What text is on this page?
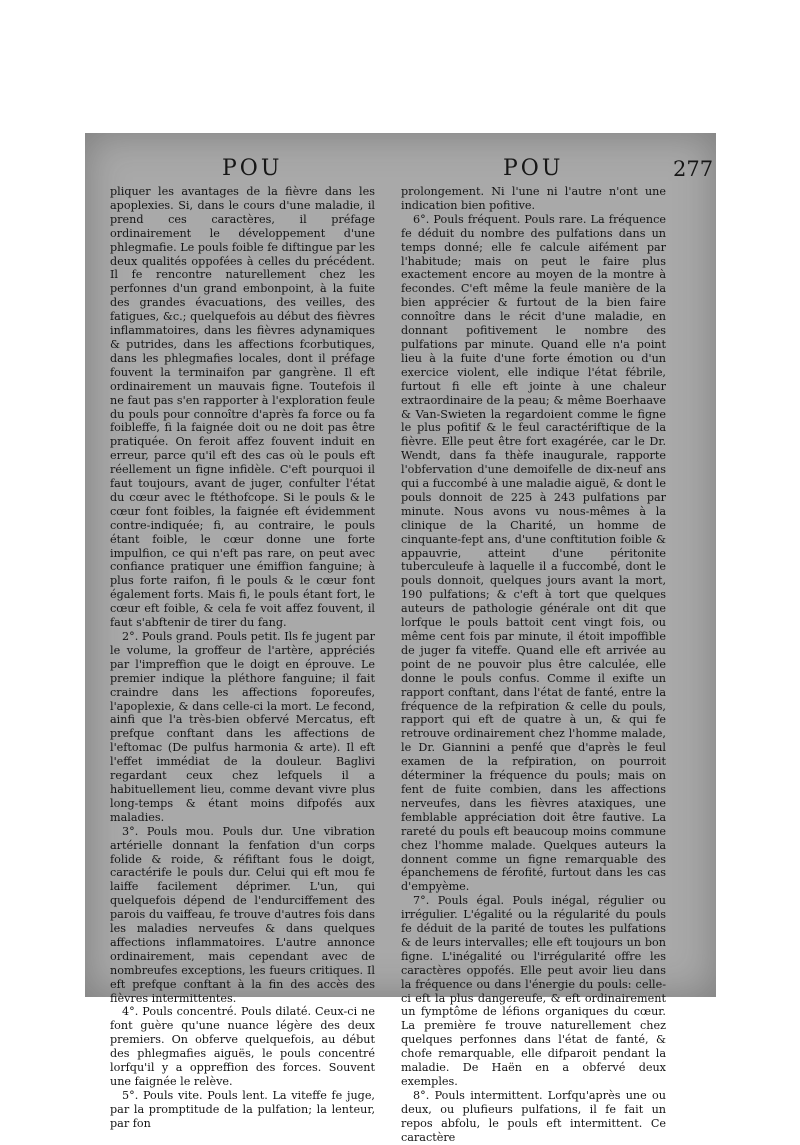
POU	POU	277

pliquer les avantages de la fièvre dans les apoplexies. Si, dans le cours d'une maladie, il prend ces caractères, il préfage ordinairement le développement d'une phlegmafie. Le pouls foible fe diftingue par les deux qualités oppofées à celles du précédent. Il fe rencontre naturellement chez les perfonnes d'un grand embonpoint, à la fuite des grandes évacuations, des veilles, des fatigues, &c.; quelquefois au début des fièvres inflammatoires, dans les fièvres adynamiques & putrides, dans les affections fcorbutiques, dans les phlegmafies locales, dont il préfage fouvent la terminaifon par gangrène. Il eft ordinairement un mauvais figne. Toutefois il ne faut pas s'en rapporter à l'exploration feule du pouls pour connoître d'après fa force ou fa foibleffe, fi la faignée doit ou ne doit pas être pratiquée. On feroit affez fouvent induit en erreur, parce qu'il eft des cas où le pouls eft réellement un figne infidèle. C'eft pourquoi il faut toujours, avant de juger, confulter l'état du cœur avec le ftéthofcope. Si le pouls & le cœur font foibles, la faignée eft évidemment contre-indiquée; fi, au contraire, le pouls étant foible, le cœur donne une forte impulfion, ce qui n'eft pas rare, on peut avec confiance pratiquer une émiffion fanguine; à plus forte raifon, fi le pouls & le cœur font également forts. Mais fi, le pouls étant fort, le cœur eft foible, & cela fe voit affez fouvent, il faut s'abftenir de tirer du fang.

2°. Pouls grand. Pouls petit. Ils fe jugent par le volume, la groffeur de l'artère, appréciés par l'impreffion que le doigt en éprouve. Le premier indique la pléthore fanguine; il fait craindre dans les affections foporeufes, l'apoplexie, & dans celle-ci la mort. Le fecond, ainfi que l'a très-bien obfervé Mercatus, eft prefque conftant dans les affections de l'eftomac (De pulfus harmonia & arte). Il eft l'effet immédiat de la douleur. Baglivi regardant ceux chez lefquels il a habituellement lieu, comme devant vivre plus long-temps & étant moins difpofés aux maladies.

3°. Pouls mou. Pouls dur. Une vibration artérielle donnant la fenfation d'un corps folide & roide, & réfiftant fous le doigt, caractérife le pouls dur. Celui qui eft mou fe laiffe facilement déprimer. L'un, qui quelquefois dépend de l'endurciffement des parois du vaiffeau, fe trouve d'autres fois dans les maladies nerveufes & dans quelques affections inflammatoires. L'autre annonce ordinairement, mais cependant avec de nombreufes exceptions, les fueurs critiques. Il eft prefque conftant à la fin des accès des fièvres intermittentes.

4°. Pouls concentré. Pouls dilaté. Ceux-ci ne font guère qu'une nuance légère des deux premiers. On obferve quelquefois, au début des phlegmafies aiguës, le pouls concentré lorfqu'il y a oppreffion des forces. Souvent une faignée le relève.

5°. Pouls vite. Pouls lent. La viteffe fe juge, par la promptitude de la pulfation; la lenteur, par fon

prolongement. Ni l'une ni l'autre n'ont une indication bien pofitive.

6°. Pouls fréquent. Pouls rare. La fréquence fe déduit du nombre des pulfations dans un temps donné; elle fe calcule aifément par l'habitude; mais on peut le faire plus exactement encore au moyen de la montre à fecondes. C'eft même la feule manière de la bien apprécier & furtout de la bien faire connoître dans le récit d'une maladie, en donnant pofitivement le nombre des pulfations par minute. Quand elle n'a point lieu à la fuite d'une forte émotion ou d'un exercice violent, elle indique l'état fébrile, furtout fi elle eft jointe à une chaleur extraordinaire de la peau; & même Boerhaave & Van-Swieten la regardoient comme le figne le plus pofitif & le feul caractériftique de la fièvre. Elle peut être fort exagérée, car le Dr. Wendt, dans fa thèfe inaugurale, rapporte l'obfervation d'une demoifelle de dix-neuf ans qui a fuccombé à une maladie aiguë, & dont le pouls donnoit de 225 à 243 pulfations par minute. Nous avons vu nous-mêmes à la clinique de la Charité, un homme de cinquante-fept ans, d'une conftitution foible & appauvrie, atteint d'une péritonite tuberculeufe à laquelle il a fuccombé, dont le pouls donnoit, quelques jours avant la mort, 190 pulfations; & c'eft à tort que quelques auteurs de pathologie générale ont dit que lorfque le pouls battoit cent vingt fois, ou même cent fois par minute, il étoit impoffible de juger fa viteffe. Quand elle eft arrivée au point de ne pouvoir plus être calculée, elle donne le pouls confus. Comme il exifte un rapport conftant, dans l'état de fanté, entre la fréquence de la refpiration & celle du pouls, rapport qui eft de quatre à un, & qui fe retrouve ordinairement chez l'homme malade, le Dr. Giannini a penfé que d'après le feul examen de la refpiration, on pourroit déterminer la fréquence du pouls; mais on fent de fuite combien, dans les affections nerveufes, dans les fièvres ataxiques, une femblable appréciation doit être fautive. La rareté du pouls eft beaucoup moins commune chez l'homme malade. Quelques auteurs la donnent comme un figne remarquable des épanchemens de férofité, furtout dans les cas d'empyème.

7°. Pouls égal. Pouls inégal, régulier ou irrégulier. L'égalité ou la régularité du pouls fe déduit de la parité de toutes les pulfations & de leurs intervalles; elle eft toujours un bon figne. L'inégalité ou l'irrégularité offre les caractères oppofés. Elle peut avoir lieu dans la fréquence ou dans l'énergie du pouls: celle-ci eft la plus dangereufe, & eft ordinairement un fymptôme de léfions organiques du cœur. La première fe trouve naturellement chez quelques perfonnes dans l'état de fanté, & chofe remarquable, elle difparoit pendant la maladie. De Haën en a obfervé deux exemples.

8°. Pouls intermittent. Lorfqu'après une ou deux, ou plufieurs pulfations, il fe fait un repos abfolu, le pouls eft intermittent. Ce caractère
